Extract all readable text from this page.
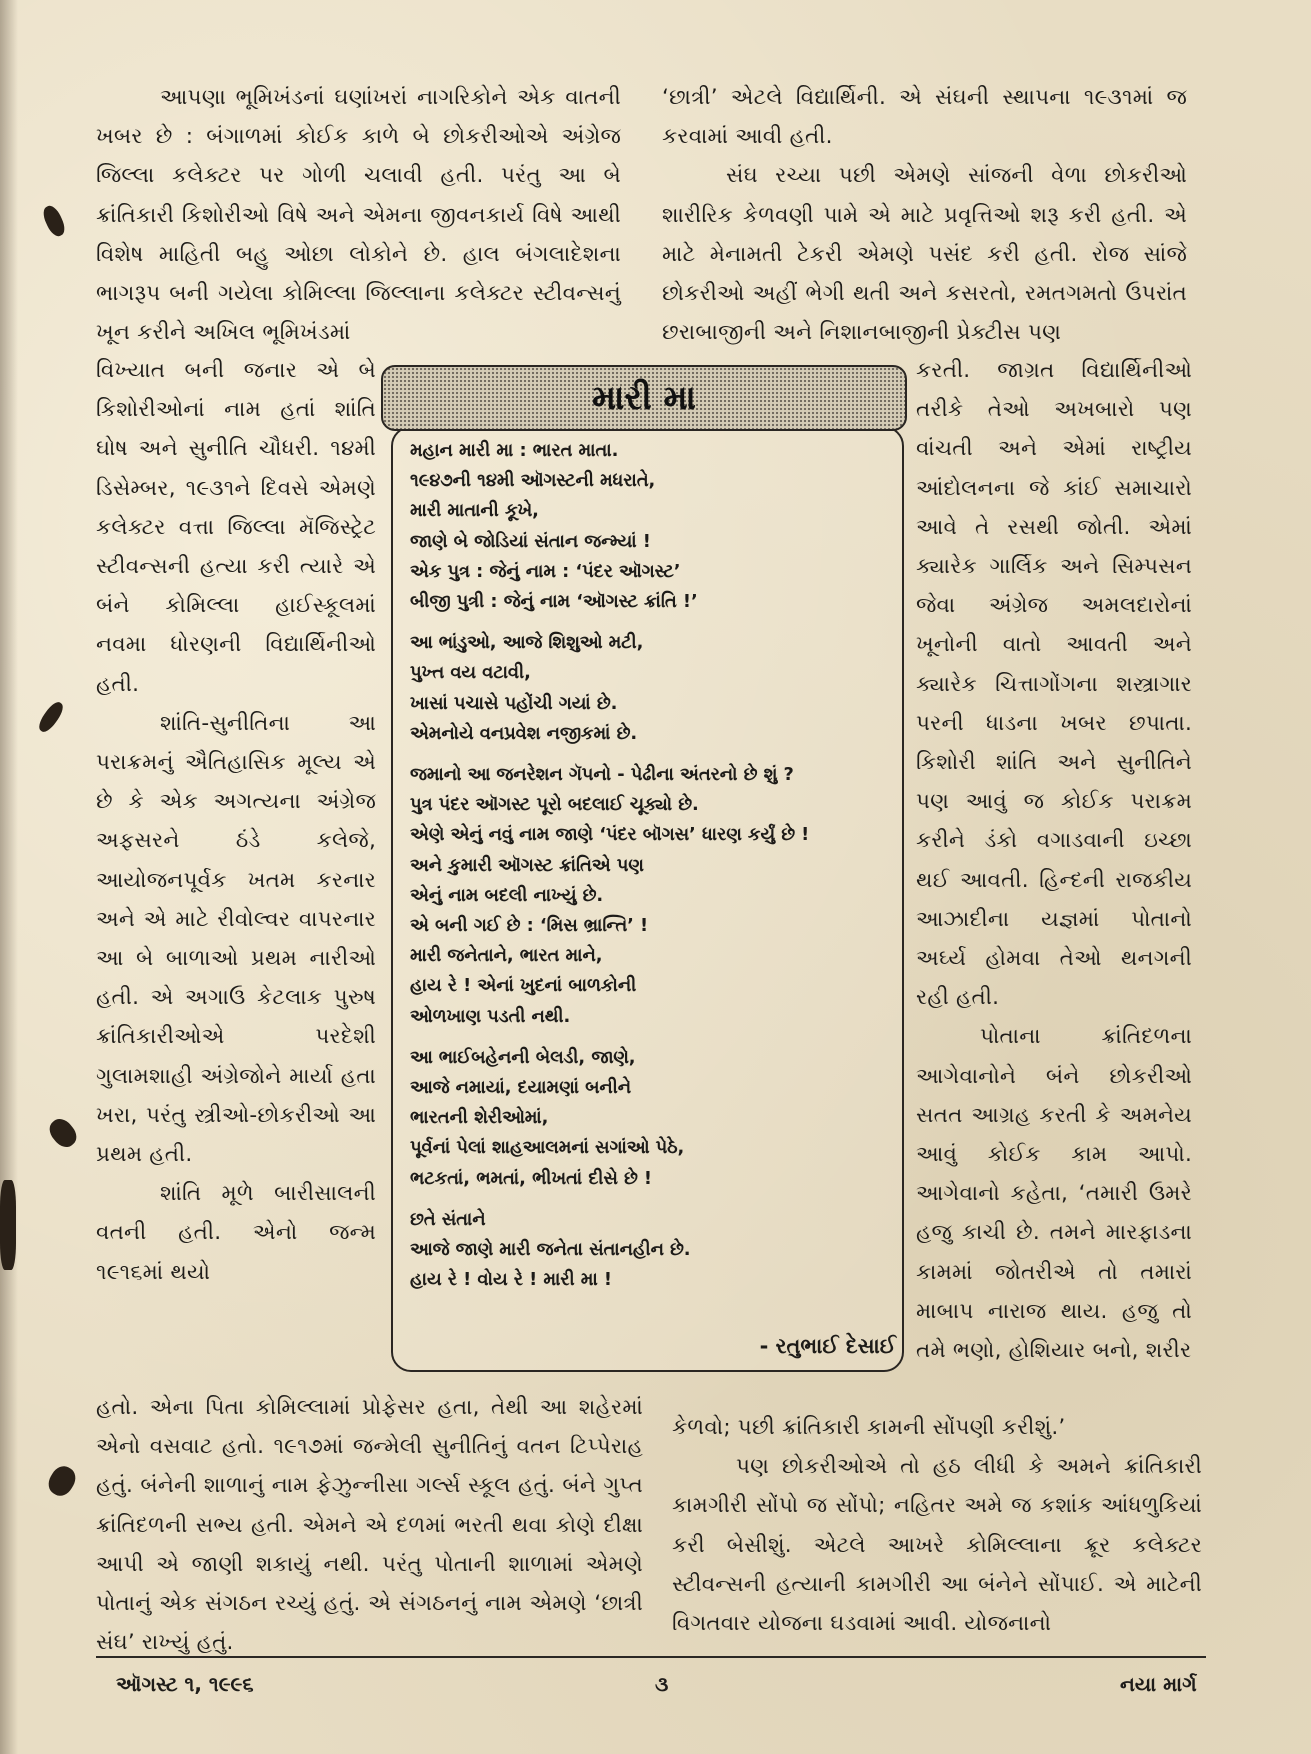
આપણા ભૂમિખંડનાં ઘણાંખરાં નાગરિકોને એક વાતની ખબર છે : બંગાળમાં કોઈક કાળે બે છોકરીઓએ અંગ્રેજ જિલ્લા કલેક્ટર પર ગોળી ચલાવી હતી. પરંતુ આ બે ક્રાંતિકારી કિશોરીઓ વિષે અને એમના જીવનકાર્ય વિષે આથી વિશેષ માહિતી બહુ ઓછા લોકોને છે. હાલ બંગલાદેશના ભાગરૂપ બની ગયેલા કોમિલ્લા જિલ્લાના કલેક્ટર સ્ટીવન્સનું ખૂન કરીને અખિલ ભૂમિખંડમાં

વિખ્યાત બની જનાર એ બે કિશોરીઓનાં નામ હતાં શાંતિ ઘોષ અને સુનીતિ ચૌધરી. ૧૪મી ડિસેમ્બર, ૧૯૩૧ને દિવસે એમણે કલેક્ટર વત્તા જિલ્લા મૅજિસ્ટ્રેટ સ્ટીવન્સની હત્યા કરી ત્યારે એ બંને કોમિલ્લા હાઈસ્કૂલમાં નવમા ધોરણની વિદ્યાર્થિનીઓ હતી.

શાંતિ-સુનીતિના આ પરાક્રમનું ઐતિહાસિક મૂલ્ય એ છે કે એક અગત્યના અંગ્રેજ અફસરને ઠંડે કલેજે, આયોજનપૂર્વક ખતમ કરનાર અને એ માટે રીવોલ્વર વાપરનાર આ બે બાળાઓ પ્રથમ નારીઓ હતી. એ અગાઉ કેટલાક પુરુષ ક્રાંતિકારીઓએ પરદેશી ગુલામશાહી અંગ્રેજોને માર્યા હતા ખરા, પરંતુ સ્ત્રીઓ-છોકરીઓ આ પ્રથમ હતી.

શાંતિ મૂળે બારીસાલની વતની હતી. એનો જન્મ ૧૯૧૬માં થયો

હતો. એના પિતા કોમિલ્લામાં પ્રોફેસર હતા, તેથી આ શહેરમાં એનો વસવાટ હતો. ૧૯૧૭માં જન્મેલી સુનીતિનું વતન ટિપ્પેરાહ હતું. બંનેની શાળાનું નામ ફેઝુન્નીસા ગર્લ્સ સ્કૂલ હતું. બંને ગુપ્ત ક્રાંતિદળની સભ્ય હતી. એમને એ દળમાં ભરતી થવા કોણે દીક્ષા આપી એ જાણી શકાયું નથી. પરંતુ પોતાની શાળામાં એમણે પોતાનું એક સંગઠન રચ્યું હતું. એ સંગઠનનું નામ એમણે ‘છાત્રી સંઘ’ રાખ્યું હતું.

‘છાત્રી’ એટલે વિદ્યાર્થિની. એ સંઘની સ્થાપના ૧૯૩૧માં જ કરવામાં આવી હતી.

સંઘ રચ્યા પછી એમણે સાંજની વેળા છોકરીઓ શારીરિક કેળવણી પામે એ માટે પ્રવૃત્તિઓ શરૂ કરી હતી. એ માટે મેનામતી ટેકરી એમણે પસંદ કરી હતી. રોજ સાંજે છોકરીઓ અહીં ભેગી થતી અને કસરતો, રમતગમતો ઉપરાંત છરાબાજીની અને નિશાનબાજીની પ્રેક્ટીસ પણ

કરતી. જાગ્રત વિદ્યાર્થિનીઓ તરીકે તેઓ અખબારો પણ વાંચતી અને એમાં રાષ્ટ્રીય આંદોલનના જે કાંઈ સમાચારો આવે તે રસથી જોતી. એમાં ક્યારેક ગાર્લિક અને સિમ્પસન જેવા અંગ્રેજ અમલદારોનાં ખૂનોની વાતો આવતી અને ક્યારેક ચિત્તાગોંગના શસ્ત્રાગાર પરની ધાડના ખબર છપાતા. કિશોરી શાંતિ અને સુનીતિને પણ આવું જ કોઈક પરાક્રમ કરીને ડંકો વગાડવાની ઇચ્છા થઈ આવતી. હિન્દની રાજકીય આઝાદીના યજ્ઞમાં પોતાનો અર્ઘ્ય હોમવા તેઓ થનગની રહી હતી.

પોતાના ક્રાંતિદળના આગેવાનોને બંને છોકરીઓ સતત આગ્રહ કરતી કે અમનેય આવું કોઈક કામ આપો. આગેવાનો કહેતા, ‘તમારી ઉમરે હજુ કાચી છે. તમને મારફાડના કામમાં જોતરીએ તો તમારાં માબાપ નારાજ થાય. હજુ તો તમે ભણો, હોશિયાર બનો, શરીર

કેળવો; પછી ક્રાંતિકારી કામની સોંપણી કરીશું.’

પણ છોકરીઓએ તો હઠ લીધી કે અમને ક્રાંતિકારી કામગીરી સોંપો જ સોંપો; નહિતર અમે જ કશાંક આંધળુકિયાં કરી બેસીશું. એટલે આખરે કોમિલ્લાના ક્રૂર કલેક્ટર સ્ટીવન્સની હત્યાની કામગીરી આ બંનેને સોંપાઈ. એ માટેની વિગતવાર યોજના ઘડવામાં આવી. યોજનાનો

મારી મા

મહાન મારી મા : ભારત માતા.
૧૯૪૭ની ૧૪મી ઑગસ્ટની મધરાતે,
મારી માતાની કૂખે,
જાણે બે જોડિયાં સંતાન જન્મ્યાં !
એક પુત્ર : જેનું નામ : ‘પંદર ઑગસ્ટ’
બીજી પુત્રી : જેનું નામ ‘ઑગસ્ટ ક્રાંતિ !’

આ ભાંડુઓ, આજે શિશુઓ મટી,
પુખ્ત વય વટાવી,
ખાસાં પચાસે પહોંચી ગયાં છે.
એમનોયે વનપ્રવેશ નજીકમાં છે.

જમાનો આ જનરેશન ગૅપનો - પેઢીના અંતરનો છે શું ?
પુત્ર પંદર ઑગસ્ટ પૂરો બદલાઈ ચૂક્યો છે.
એણે એનું નવું નામ જાણે ‘પંદર બૉગસ’ ધારણ કર્યું છે !
અને કુમારી ઑગસ્ટ ક્રાંતિએ પણ
એનું નામ બદલી નાખ્યું છે.
એ બની ગઈ છે : ‘મિસ ભ્રાન્તિ’ !
મારી જનેતાને, ભારત માને,
હાય રે ! એનાં ખુદનાં બાળકોની
ઓળખાણ પડતી નથી.

આ ભાઈબહેનની બેલડી, જાણે,
આજે નમાયાં, દયામણાં બનીને
ભારતની શેરીઓમાં,
પૂર્વનાં પેલાં શાહઆલમનાં સગાંઓ પેઠે,
ભટકતાં, ભમતાં, ભીખતાં દીસે છે !

છતે સંતાને
આજે જાણે મારી જનેતા સંતાનહીન છે.
હાય રે ! વોય રે ! મારી મા !

- રતુભાઈ દેસાઈ
ઑગસ્ટ ૧, ૧૯૯૬	૩	નયા માર્ગ
